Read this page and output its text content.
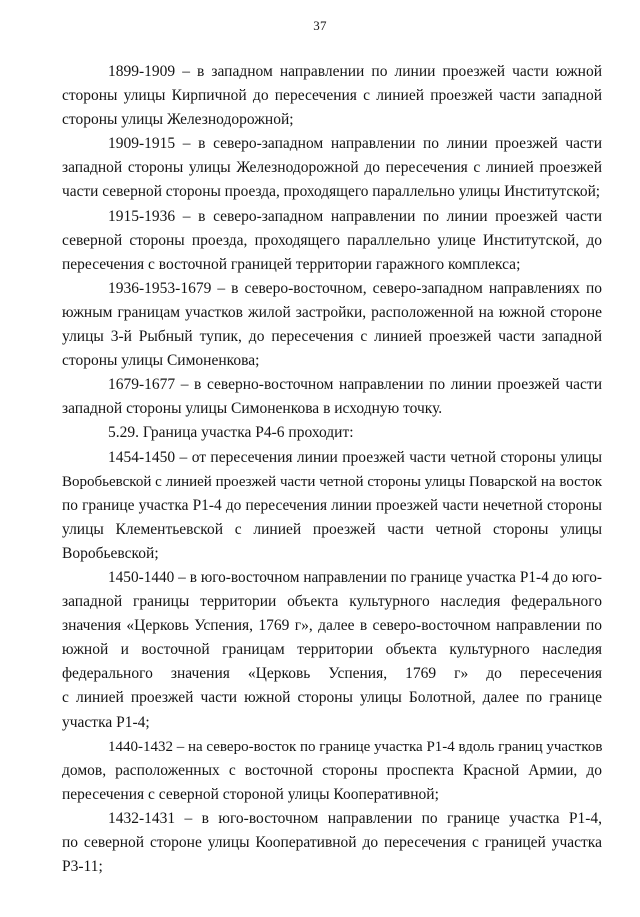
37
1899-1909 – в западном направлении по линии проезжей части южной
стороны улицы Кирпичной до пересечения с линией проезжей части западной
стороны улицы Железнодорожной;
1909-1915 – в северо-западном направлении по линии проезжей части
западной стороны улицы Железнодорожной до пересечения с линией проезжей
части северной стороны проезда, проходящего параллельно улицы Институтской;
1915-1936 – в северо-западном направлении по линии проезжей части
северной стороны проезда, проходящего параллельно улице Институтской, до
пересечения с восточной границей территории гаражного комплекса;
1936-1953-1679 – в северо-восточном, северо-западном направлениях по
южным границам участков жилой застройки, расположенной на южной стороне
улицы 3-й Рыбный тупик, до пересечения с линией проезжей части западной
стороны улицы Симоненкова;
1679-1677 – в северно-восточном направлении по линии проезжей части
западной стороны улицы Симоненкова в исходную точку.
5.29. Граница участка Р4-6 проходит:
1454-1450 – от пересечения линии проезжей части четной стороны улицы
Воробьевской с линией проезжей части четной стороны улицы Поварской на восток
по границе участка Р1-4 до пересечения линии проезжей части нечетной стороны
улицы Клементьевской с линией проезжей части четной стороны улицы
Воробьевской;
1450-1440 – в юго-восточном направлении по границе участка Р1-4 до юго-
западной границы территории объекта культурного наследия федерального
значения «Церковь Успения, 1769 г», далее в северо-восточном направлении по
южной и восточной границам территории объекта культурного наследия
федерального значения «Церковь Успения, 1769 г» до пересечения
с линией проезжей части южной стороны улицы Болотной, далее по границе
участка Р1-4;
1440-1432 – на северо-восток по границе участка Р1-4 вдоль границ участков
домов, расположенных с восточной стороны проспекта Красной Армии, до
пересечения с северной стороной улицы Кооперативной;
1432-1431 – в юго-восточном направлении по границе участка Р1-4,
по северной стороне улицы Кооперативной до пересечения с границей участка
Р3-11;
